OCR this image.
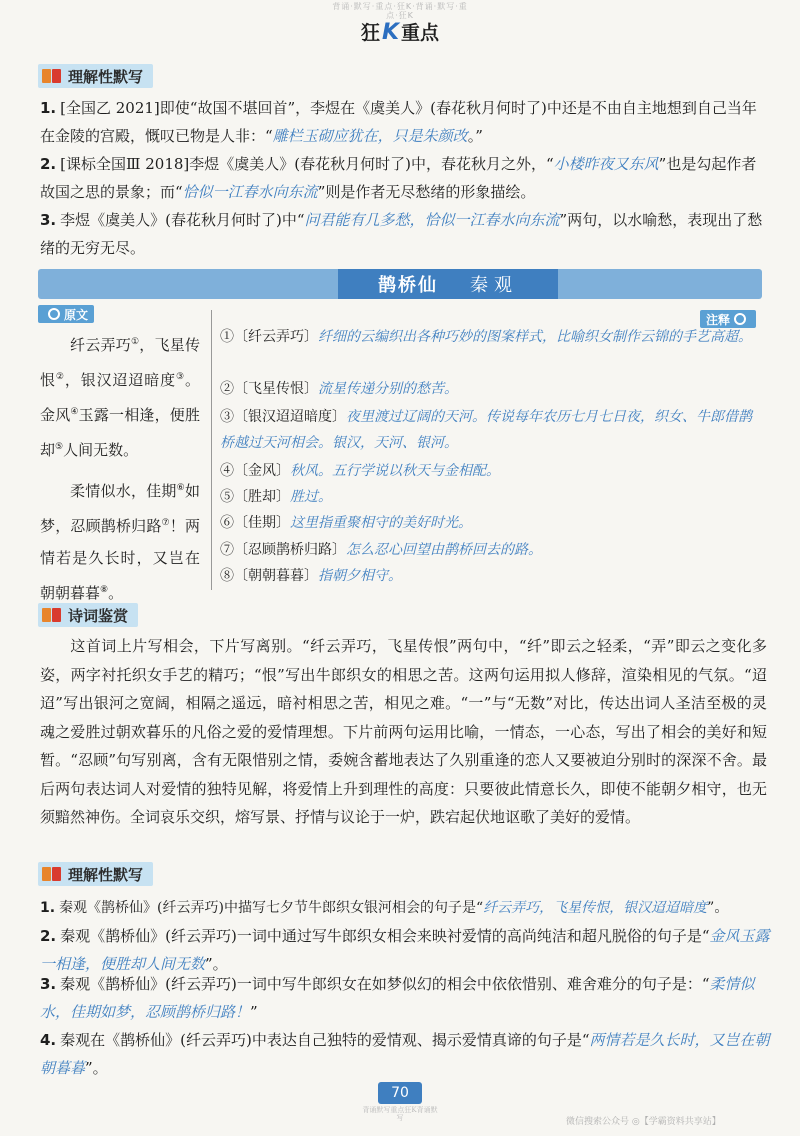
背诵·默写·重点·狂K·背诵·默写·重点·狂K
狂K 重点
理解性默写
1. [全国乙 2021]即使“故国不堪回首”，李煜在《虞美人》(春花秋月何时了)中还是不由自主地想到自己当年在金陵的宫殿，慨叹已物是人非：“雕栏玉砌应犹在，只是朱颜改。”
2. [课标全国Ⅲ 2018]李煜《虞美人》(春花秋月何时了)中，春花秋月之外，“小楼昨夜又东风”也是勾起作者故国之思的景象；而“恰似一江春水向东流”则是作者无尽愁绪的形象描绘。
3. 李煜《虞美人》(春花秋月何时了)中“问君能有几多愁，恰似一江春水向东流”两句，以水喻愁，表现出了愁绪的无穷无尽。
鹊桥仙 秦观
原文	注释

纤云弄巧①，飞星传恨②，银汉迢迢暗度③。金风④玉露一相逢，便胜却⑤人间无数。

柔情似水，佳期⑥如梦，忍顾鹊桥归路⑦！两情若是久长时，又岂在朝朝暮暮⑧。

①〔纤云弄巧〕纤细的云编织出各种巧妙的图案样式，比喻织女制作云锦的手艺高超。
②〔飞星传恨〕流星传递分别的愁苦。
③〔银汉迢迢暗度〕夜里渡过辽阔的天河。传说每年农历七月七日夜，织女、牛郎借鹊桥越过天河相会。银汉，天河、银河。
④〔金风〕秋风。五行学说以秋天与金相配。
⑤〔胜却〕胜过。
⑥〔佳期〕这里指重聚相守的美好时光。
⑦〔忍顾鹊桥归路〕怎么忍心回望由鹊桥回去的路。
⑧〔朝朝暮暮〕指朝夕相守。
诗词鉴赏
这首词上片写相会，下片写离别。“纤云弄巧，飞星传恨”两句中，“纤”即云之轻柔，“弄”即云之变化多姿，两字衬托织女手艺的精巧；“恨”写出牛郎织女的相思之苦。这两句运用拟人修辞，渲染相见的气氛。“迢迢”写出银河之宽阔，相隔之遥远，暗衬相思之苦，相见之难。“一”与“无数”对比，传达出词人圣洁至极的灵魂之爱胜过朝欢暮乐的凡俗之爱的爱情理想。下片前两句运用比喻，一情态，一心态，写出了相会的美好和短暂。“忍顾”句写别离，含有无限惜别之情，委婉含蓄地表达了久别重逢的恋人又要被迫分别时的深深不舍。最后两句表达词人对爱情的独特见解，将爱情上升到理性的高度：只要彼此情意长久，即使不能朝夕相守，也无须黯然神伤。全词哀乐交织，熔写景、抒情与议论于一炉，跌宕起伏地讴歌了美好的爱情。
理解性默写
1. 秦观《鹊桥仙》(纤云弄巧)中描写七夕节牛郎织女银河相会的句子是“纤云弄巧，飞星传恨，银汉迢迢暗度”。
2. 秦观《鹊桥仙》(纤云弄巧)一词中通过写牛郎织女相会来映衬爱情的高尚纯洁和超凡脱俗的句子是“金风玉露一相逢，便胜却人间无数”。
3. 秦观《鹊桥仙》(纤云弄巧)一词中写牛郎织女在如梦似幻的相会中依依惜别、难舍难分的句子是：“柔情似水，佳期如梦，忍顾鹊桥归路！”
4. 秦观在《鹊桥仙》(纤云弄巧)中表达自己独特的爱情观、揭示爱情真谛的句子是“两情若是久长时，又岂在朝朝暮暮”。
70
背诵默写重点狂K背诵默写	微信搜索公众号 ◎【学霸资料共享站】
